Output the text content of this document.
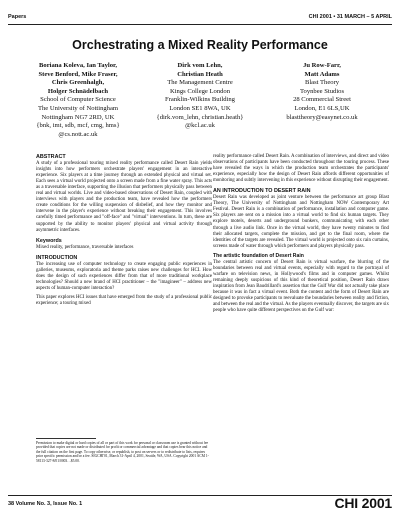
Papers	CHI 2001 • 31 MARCH – 5 APRIL
Orchestrating a Mixed Reality Performance
Boriana Koleva, Ian Taylor,
Steve Benford, Mike Fraser,
Chris Greenhalgh,
Holger Schnädelbach
School of Computer Science
The University of Nottingham
Nottingham NG7 2RD, UK
{bnk, imt, sdb, mcf, cmg, hms}
@cs.nott.ac.uk
Dirk vom Lehn,
Christian Heath
The Management Centre
Kings College London
Franklin-Wilkins Building
London SE1 8WA, UK
{dirk.vom_lehn, christian.heath}
@kcl.ac.uk
Ju Row-Farr,
Matt Adams
Blast Theory
Toynbee Studios
28 Commercial Street
London, E1 6LS,UK
blasttheory@easynet.co.uk
ABSTRACT

A study of a professional touring mixed reality performance called Desert Rain yields insights into how performers orchestrate players' engagement in an interactive experience. Six players at a time journey through an extended physical and virtual set. Each sees a virtual world projected onto a screen made from a fine water spray. This acts as a traversable interface, supporting the illusion that performers physically pass between real and virtual worlds. Live and video-based observations of Desert Rain, coupled with interviews with players and the production team, have revealed how the performers create conditions for the willing suspension of disbelief, and how they monitor and intervene in the player's experience without breaking their engagement. This involves carefully timed performance and "off-face" and "virtual" interventions. In turn, these are supported by the ability to monitor players' physical and virtual activity through asymmetric interfaces.

Keywords

Mixed reality, performance, traversable interfaces

INTRODUCTION

The increasing use of computer technology to create engaging public experiences in galleries, museums, exploratoria and theme parks raises new challenges for HCI. How does the design of such experiences differ from that of more traditional workplace technologies? Should a new brand of HCI practitioner – the "imagineer" – address new aspects of human-computer interaction?

This paper explores HCI issues that have emerged from the study of a professional public experience; a touring mixed

Permission to make digital or hard copies of all or part of this work for personal or classroom use is granted without fee provided that copies are not made or distributed for profit or commercial advantage and that copies bear this notice and the full citation on the first page. To copy otherwise, or republish, to post on servers or to redistribute to lists, requires prior specific permission and/or a fee. SIGCHI'01, March 31-April 4, 2001, Seattle, WA, USA. Copyright 2001 ACM 1-58113-327-8/01/0003…$5.00.

reality performance called Desert Rain. A combination of interviews, and direct and video observations of participants have been conducted throughout the touring process. These have revealed the ways in which the production team orchestrates the participants' experience, especially how the design of Desert Rain affords different opportunities of monitoring and subtly intervening in this experience without disrupting their engagement.

AN INTRODUCTION TO DESERT RAIN

Desert Rain was developed as joint venture between the performance art group Blast Theory, The University of Nottingham and Nottingham NOW Contemporary Art Festival. Desert Rain is a combination of performance, installation and computer game. Six players are sent on a mission into a virtual world to find six human targets. They explore motels, deserts and underground bunkers, communicating with each other through a live audio link. Once in the virtual world, they have twenty minutes to find their allocated targets, complete the mission, and get to the final room, where the identities of the targets are revealed. The virtual world is projected onto six rain curtains, screens made of water through which performers and players physically pass.

The artistic foundation of Desert Rain

The central artistic concern of Desert Rain is virtual warfare, the blurring of the boundaries between real and virtual events, especially with regard to the portrayal of warfare on television news, in Hollywood's films and in computer games. Whilst remaining deeply suspicious of this kind of theoretical position, Desert Rain draws inspiration from Jean Baudrillard's assertion that the Gulf War did not actually take place because it was in fact a virtual event. Both the content and the form of Desert Rain are designed to provoke participants to reevaluate the boundaries between reality and fiction, and between the real and the virtual. As the players eventually discover, the targets are six people who have quite different perspectives on the Gulf war:

38 Volume No. 3, Issue No. 1	CHI 2001
